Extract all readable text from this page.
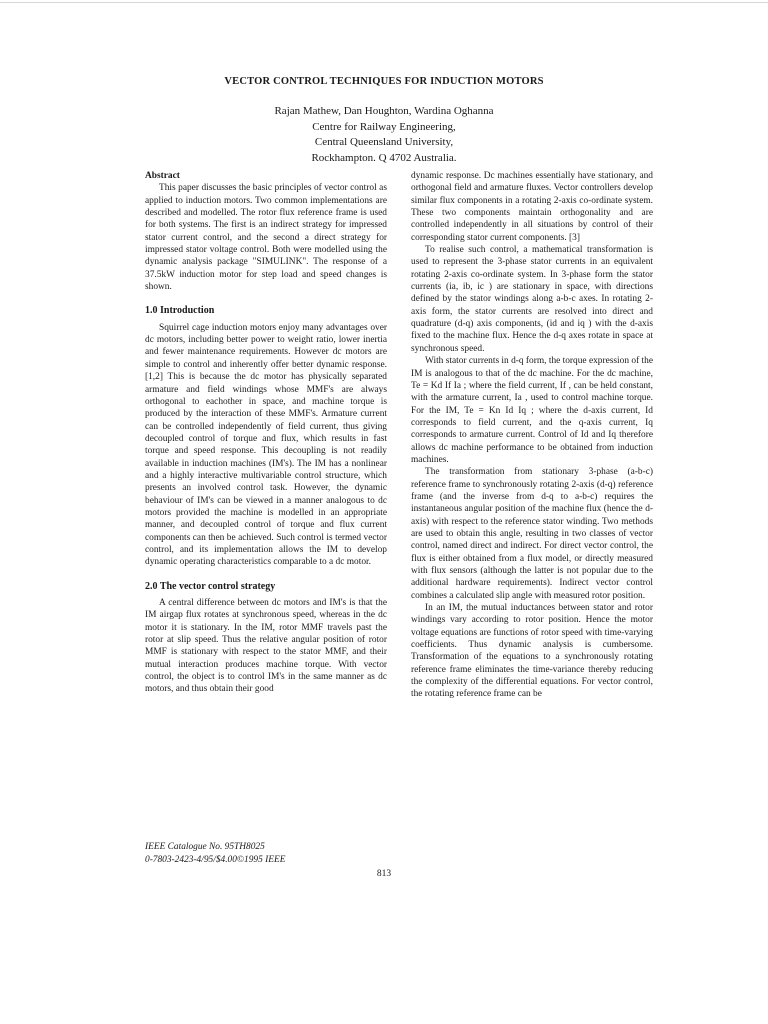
VECTOR CONTROL TECHNIQUES FOR INDUCTION MOTORS
Rajan Mathew, Dan Houghton, Wardina Oghanna
Centre for Railway Engineering,
Central Queensland University,
Rockhampton. Q 4702 Australia.

Abstract

This paper discusses the basic principles of vector control as applied to induction motors. Two common implementations are described and modelled. The rotor flux reference frame is used for both systems. The first is an indirect strategy for impressed stator current control, and the second a direct strategy for impressed stator voltage control. Both were modelled using the dynamic analysis package "SIMULINK". The response of a 37.5kW induction motor for step load and speed changes is shown.

1.0 Introduction

Squirrel cage induction motors enjoy many advantages over dc motors, including better power to weight ratio, lower inertia and fewer maintenance requirements. However dc motors are simple to control and inherently offer better dynamic response. [1,2] This is because the dc motor has physically separated armature and field windings whose MMF's are always orthogonal to eachother in space, and machine torque is produced by the interaction of these MMF's. Armature current can be controlled independently of field current, thus giving decoupled control of torque and flux, which results in fast torque and speed response. This decoupling is not readily available in induction machines (IM's). The IM has a nonlinear and a highly interactive multivariable control structure, which presents an involved control task. However, the dynamic behaviour of IM's can be viewed in a manner analogous to dc motors provided the machine is modelled in an appropriate manner, and decoupled control of torque and flux current components can then be achieved. Such control is termed vector control, and its implementation allows the IM to develop dynamic operating characteristics comparable to a dc motor.

2.0 The vector control strategy

A central difference between dc motors and IM's is that the IM airgap flux rotates at synchronous speed, whereas in the dc motor it is stationary. In the IM, rotor MMF travels past the rotor at slip speed. Thus the relative angular position of rotor MMF is stationary with respect to the stator MMF, and their mutual interaction produces machine torque. With vector control, the object is to control IM's in the same manner as dc motors, and thus obtain their good

dynamic response. Dc machines essentially have stationary, and orthogonal field and armature fluxes. Vector controllers develop similar flux components in a rotating 2-axis co-ordinate system. These two components maintain orthogonality and are controlled independently in all situations by control of their corresponding stator current components. [3]

To realise such control, a mathematical transformation is used to represent the 3-phase stator currents in an equivalent rotating 2-axis co-ordinate system. In 3-phase form the stator currents (ia, ib, ic ) are stationary in space, with directions defined by the stator windings along a-b-c axes. In rotating 2-axis form, the stator currents are resolved into direct and quadrature (d-q) axis components, (id and iq ) with the d-axis fixed to the machine flux. Hence the d-q axes rotate in space at synchronous speed.

With stator currents in d-q form, the torque expression of the IM is analogous to that of the dc machine. For the dc machine, Te = Kd If Ia ; where the field current, If , can be held constant, with the armature current, Ia , used to control machine torque. For the IM, Te = Kn Id Iq ; where the d-axis current, Id corresponds to field current, and the q-axis current, Iq corresponds to armature current. Control of Id and Iq therefore allows dc machine performance to be obtained from induction machines.

The transformation from stationary 3-phase (a-b-c) reference frame to synchronously rotating 2-axis (d-q) reference frame (and the inverse from d-q to a-b-c) requires the instantaneous angular position of the machine flux (hence the d-axis) with respect to the reference stator winding. Two methods are used to obtain this angle, resulting in two classes of vector control, named direct and indirect. For direct vector control, the flux is either obtained from a flux model, or directly measured with flux sensors (although the latter is not popular due to the additional hardware requirements). Indirect vector control combines a calculated slip angle with measured rotor position.

In an IM, the mutual inductances between stator and rotor windings vary according to rotor position. Hence the motor voltage equations are functions of rotor speed with time-varying coefficients. Thus dynamic analysis is cumbersome. Transformation of the equations to a synchronously rotating reference frame eliminates the time-variance thereby reducing the complexity of the differential equations. For vector control, the rotating reference frame can be

IEEE Catalogue No. 95TH8025
0-7803-2423-4/95/$4.00©1995 IEEE
813
